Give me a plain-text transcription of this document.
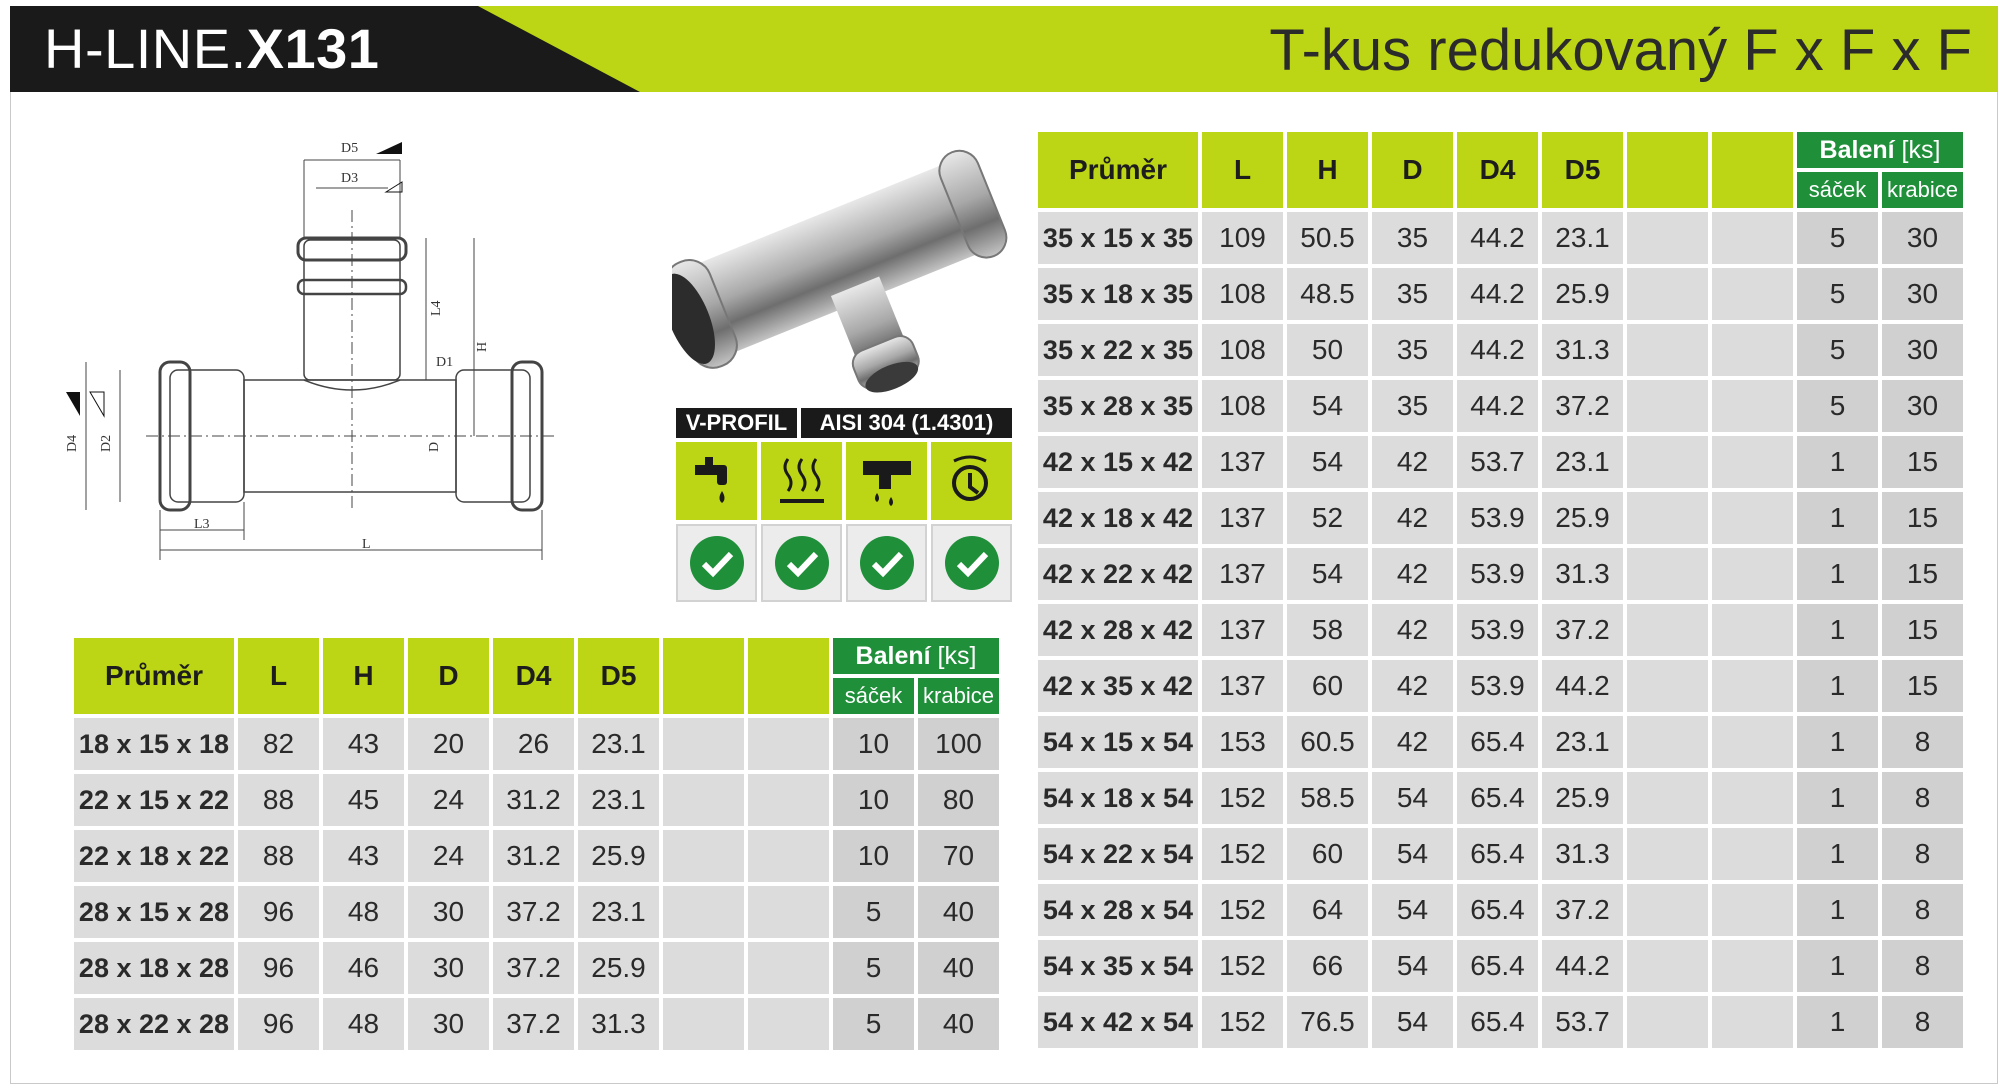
H-LINE.X131	T-kus redukovaný F x F x F
D5
D3
L4
H
D1
D4 D2	D
L3
L
V-PROFIL	AISI 304 (1.4301)
Průměr	L	H	D	D4	D5			Balení [ks]	
								sáček	krabice
18 x 15 x 18	82	43	20	26	23.1			10	100
22 x 15 x 22	88	45	24	31.2	23.1			10	80
22 x 18 x 22	88	43	24	31.2	25.9			10	70
28 x 15 x 28	96	48	30	37.2	23.1			5	40
28 x 18 x 28	96	46	30	37.2	25.9			5	40
28 x 22 x 28	96	48	30	37.2	31.3			5	40
Průměr	L	H	D	D4	D5			Balení [ks]	
								sáček	krabice
35 x 15 x 35	109	50.5	35	44.2	23.1			5	30
35 x 18 x 35	108	48.5	35	44.2	25.9			5	30
35 x 22 x 35	108	50	35	44.2	31.3			5	30
35 x 28 x 35	108	54	35	44.2	37.2			5	30
42 x 15 x 42	137	54	42	53.7	23.1			1	15
42 x 18 x 42	137	52	42	53.9	25.9			1	15
42 x 22 x 42	137	54	42	53.9	31.3			1	15
42 x 28 x 42	137	58	42	53.9	37.2			1	15
42 x 35 x 42	137	60	42	53.9	44.2			1	15
54 x 15 x 54	153	60.5	42	65.4	23.1			1	8
54 x 18 x 54	152	58.5	54	65.4	25.9			1	8
54 x 22 x 54	152	60	54	65.4	31.3			1	8
54 x 28 x 54	152	64	54	65.4	37.2			1	8
54 x 35 x 54	152	66	54	65.4	44.2			1	8
54 x 42 x 54	152	76.5	54	65.4	53.7			1	8
